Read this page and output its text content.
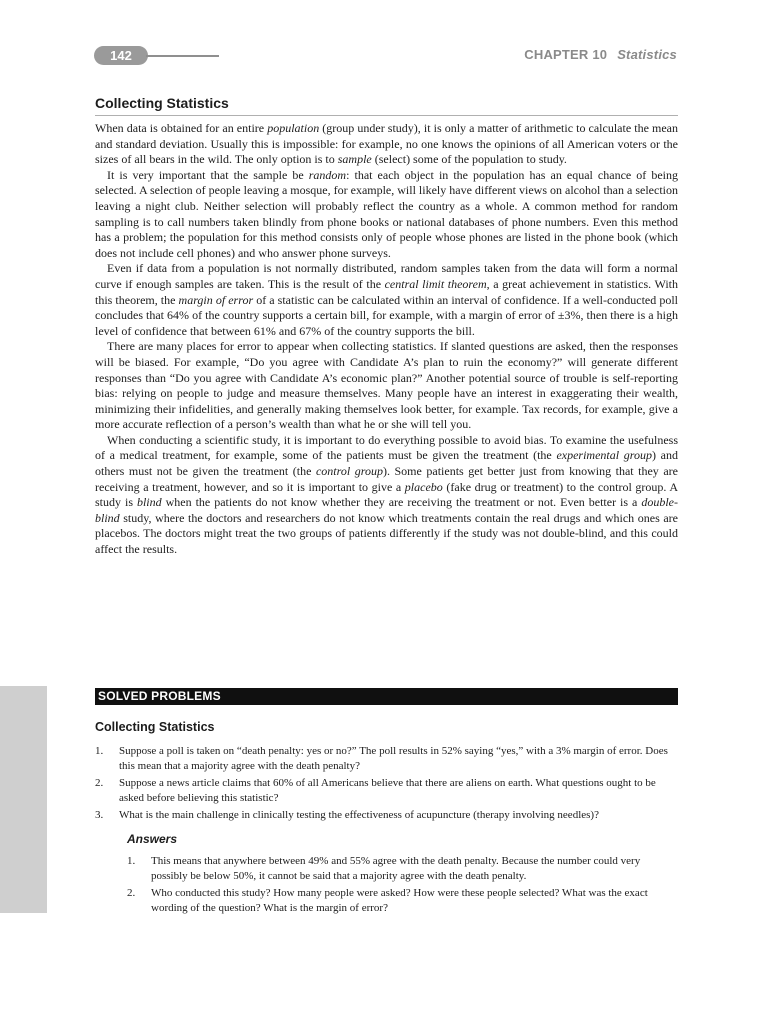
142	CHAPTER 10 Statistics
Collecting Statistics

When data is obtained for an entire population (group under study), it is only a matter of arithmetic to calculate the mean and standard deviation. Usually this is impossible: for example, no one knows the opinions of all American voters or the sizes of all bears in the wild. The only option is to sample (select) some of the population to study.

It is very important that the sample be random: that each object in the population has an equal chance of being selected. A selection of people leaving a mosque, for example, will likely have different views on alcohol than a selection leaving a night club. Neither selection will probably reflect the country as a whole. A common method for random sampling is to call numbers taken blindly from phone books or national databases of phone numbers. Even this method has a problem; the population for this method consists only of people whose phones are listed in the phone book (which does not include cell phones) and who answer phone surveys.

Even if data from a population is not normally distributed, random samples taken from the data will form a normal curve if enough samples are taken. This is the result of the central limit theorem, a great achievement in statistics. With this theorem, the margin of error of a statistic can be calculated within an interval of confidence. If a well-conducted poll concludes that 64% of the country supports a certain bill, for example, with a margin of error of ±3%, then there is a high level of confidence that between 61% and 67% of the country supports the bill.

There are many places for error to appear when collecting statistics. If slanted questions are asked, then the responses will be biased. For example, “Do you agree with Candidate A’s plan to ruin the economy?” will generate different responses than “Do you agree with Candidate A’s economic plan?” Another potential source of trouble is self-reporting bias: relying on people to judge and measure themselves. Many people have an interest in exaggerating their wealth, minimizing their infidelities, and generally making themselves look better, for example. Tax records, for example, give a more accurate reflection of a person’s wealth than what he or she will tell you.

When conducting a scientific study, it is important to do everything possible to avoid bias. To examine the usefulness of a medical treatment, for example, some of the patients must be given the treatment (the experimental group) and others must not be given the treatment (the control group). Some patients get better just from knowing that they are receiving a treatment, however, and so it is important to give a placebo (fake drug or treatment) to the control group. A study is blind when the patients do not know whether they are receiving the treatment or not. Even better is a double-blind study, where the doctors and researchers do not know which treatments contain the real drugs and which ones are placebos. The doctors might treat the two groups of patients differently if the study was not double-blind, and this could affect the results.

SOLVED PROBLEMS
Collecting Statistics
1. Suppose a poll is taken on “death penalty: yes or no?” The poll results in 52% saying “yes,” with a 3% margin of error. Does this mean that a majority agree with the death penalty?
2. Suppose a news article claims that 60% of all Americans believe that there are aliens on earth. What questions ought to be asked before believing this statistic?
3. What is the main challenge in clinically testing the effectiveness of acupuncture (therapy involving needles)?
Answers
1. This means that anywhere between 49% and 55% agree with the death penalty. Because the number could very possibly be below 50%, it cannot be said that a majority agree with the death penalty.
2. Who conducted this study? How many people were asked? How were these people selected? What was the exact wording of the question? What is the margin of error?
